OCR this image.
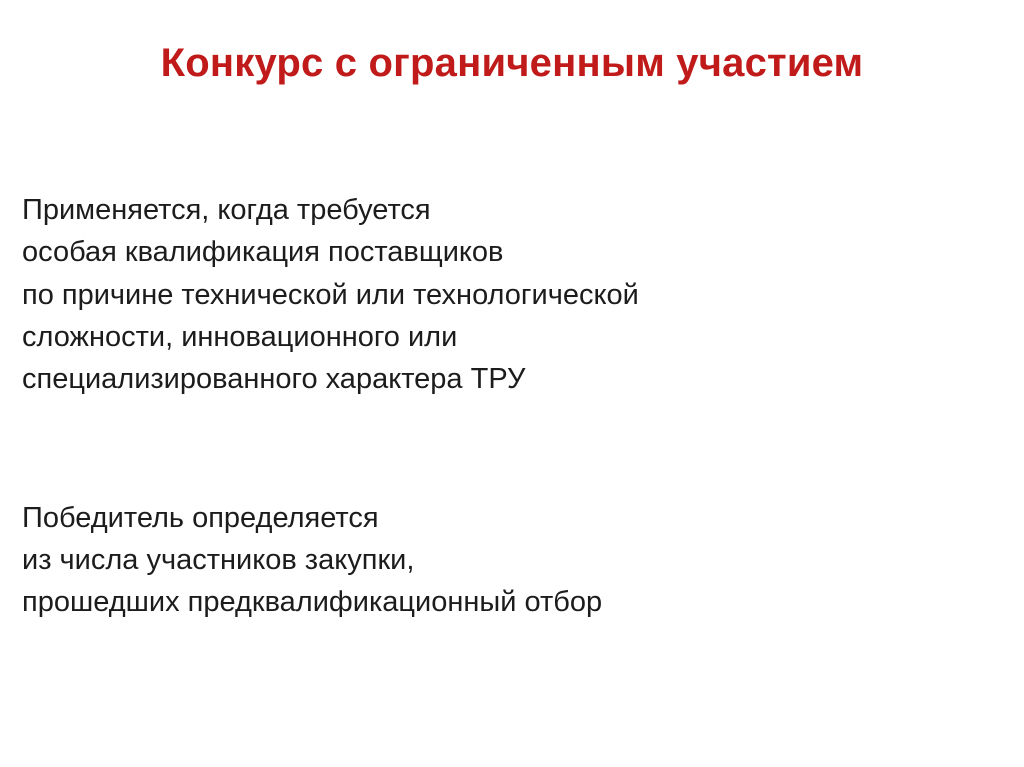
Конкурс с ограниченным участием

Применяется, когда требуется
особая квалификация поставщиков
по причине технической или технологической
сложности, инновационного или
специализированного характера ТРУ

Победитель определяется
из числа участников закупки,
прошедших предквалификационный отбор
